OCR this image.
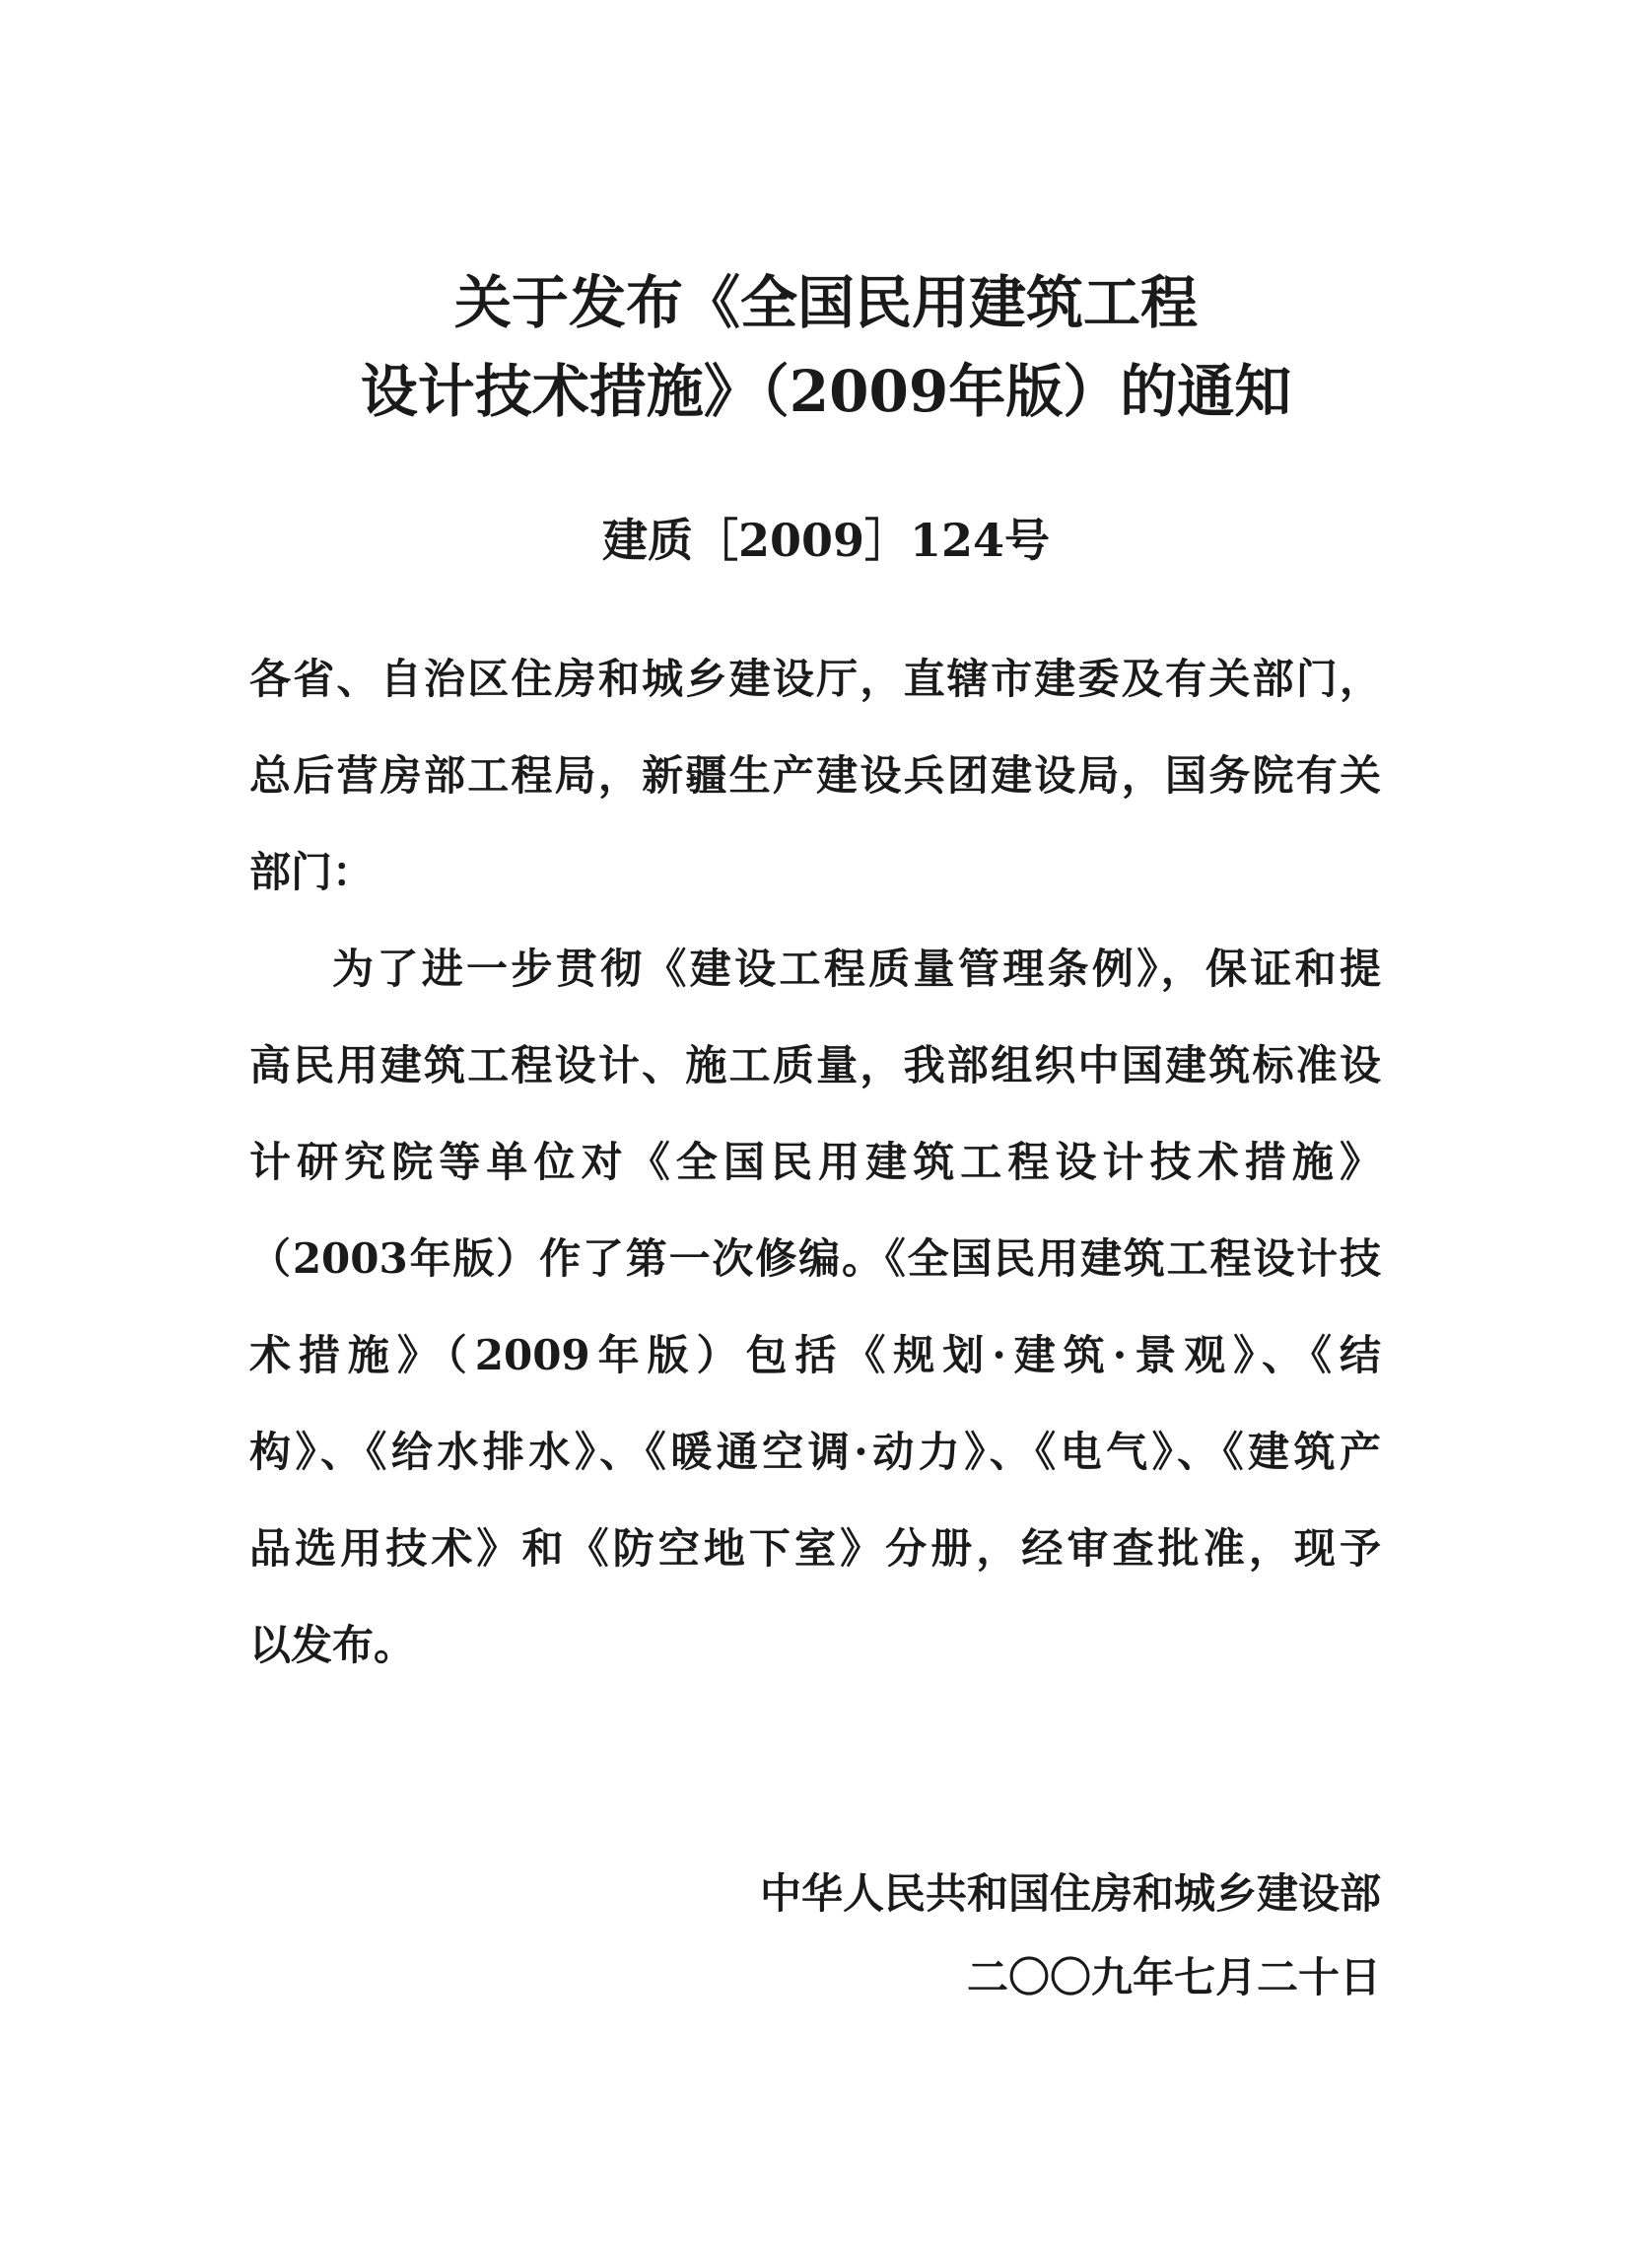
关于发布《全国民用建筑工程
设计技术措施》（2009年版）的通知
建质［2009］124号
各省、自治区住房和城乡建设厅，直辖市建委及有关部门，
总后营房部工程局，新疆生产建设兵团建设局，国务院有关
部门：
为了进一步贯彻《建设工程质量管理条例》，保证和提
高民用建筑工程设计、施工质量，我部组织中国建筑标准设
计研究院等单位对《全国民用建筑工程设计技术措施》
（2003年版）作了第一次修编。《全国民用建筑工程设计技
术措施》（2009年版）包括《规划·建筑·景观》、《结
构》、《给水排水》、《暖通空调·动力》、《电气》、《建筑产
品选用技术》和《防空地下室》分册，经审查批准，现予
以发布。
中华人民共和国住房和城乡建设部
二〇〇九年七月二十日
